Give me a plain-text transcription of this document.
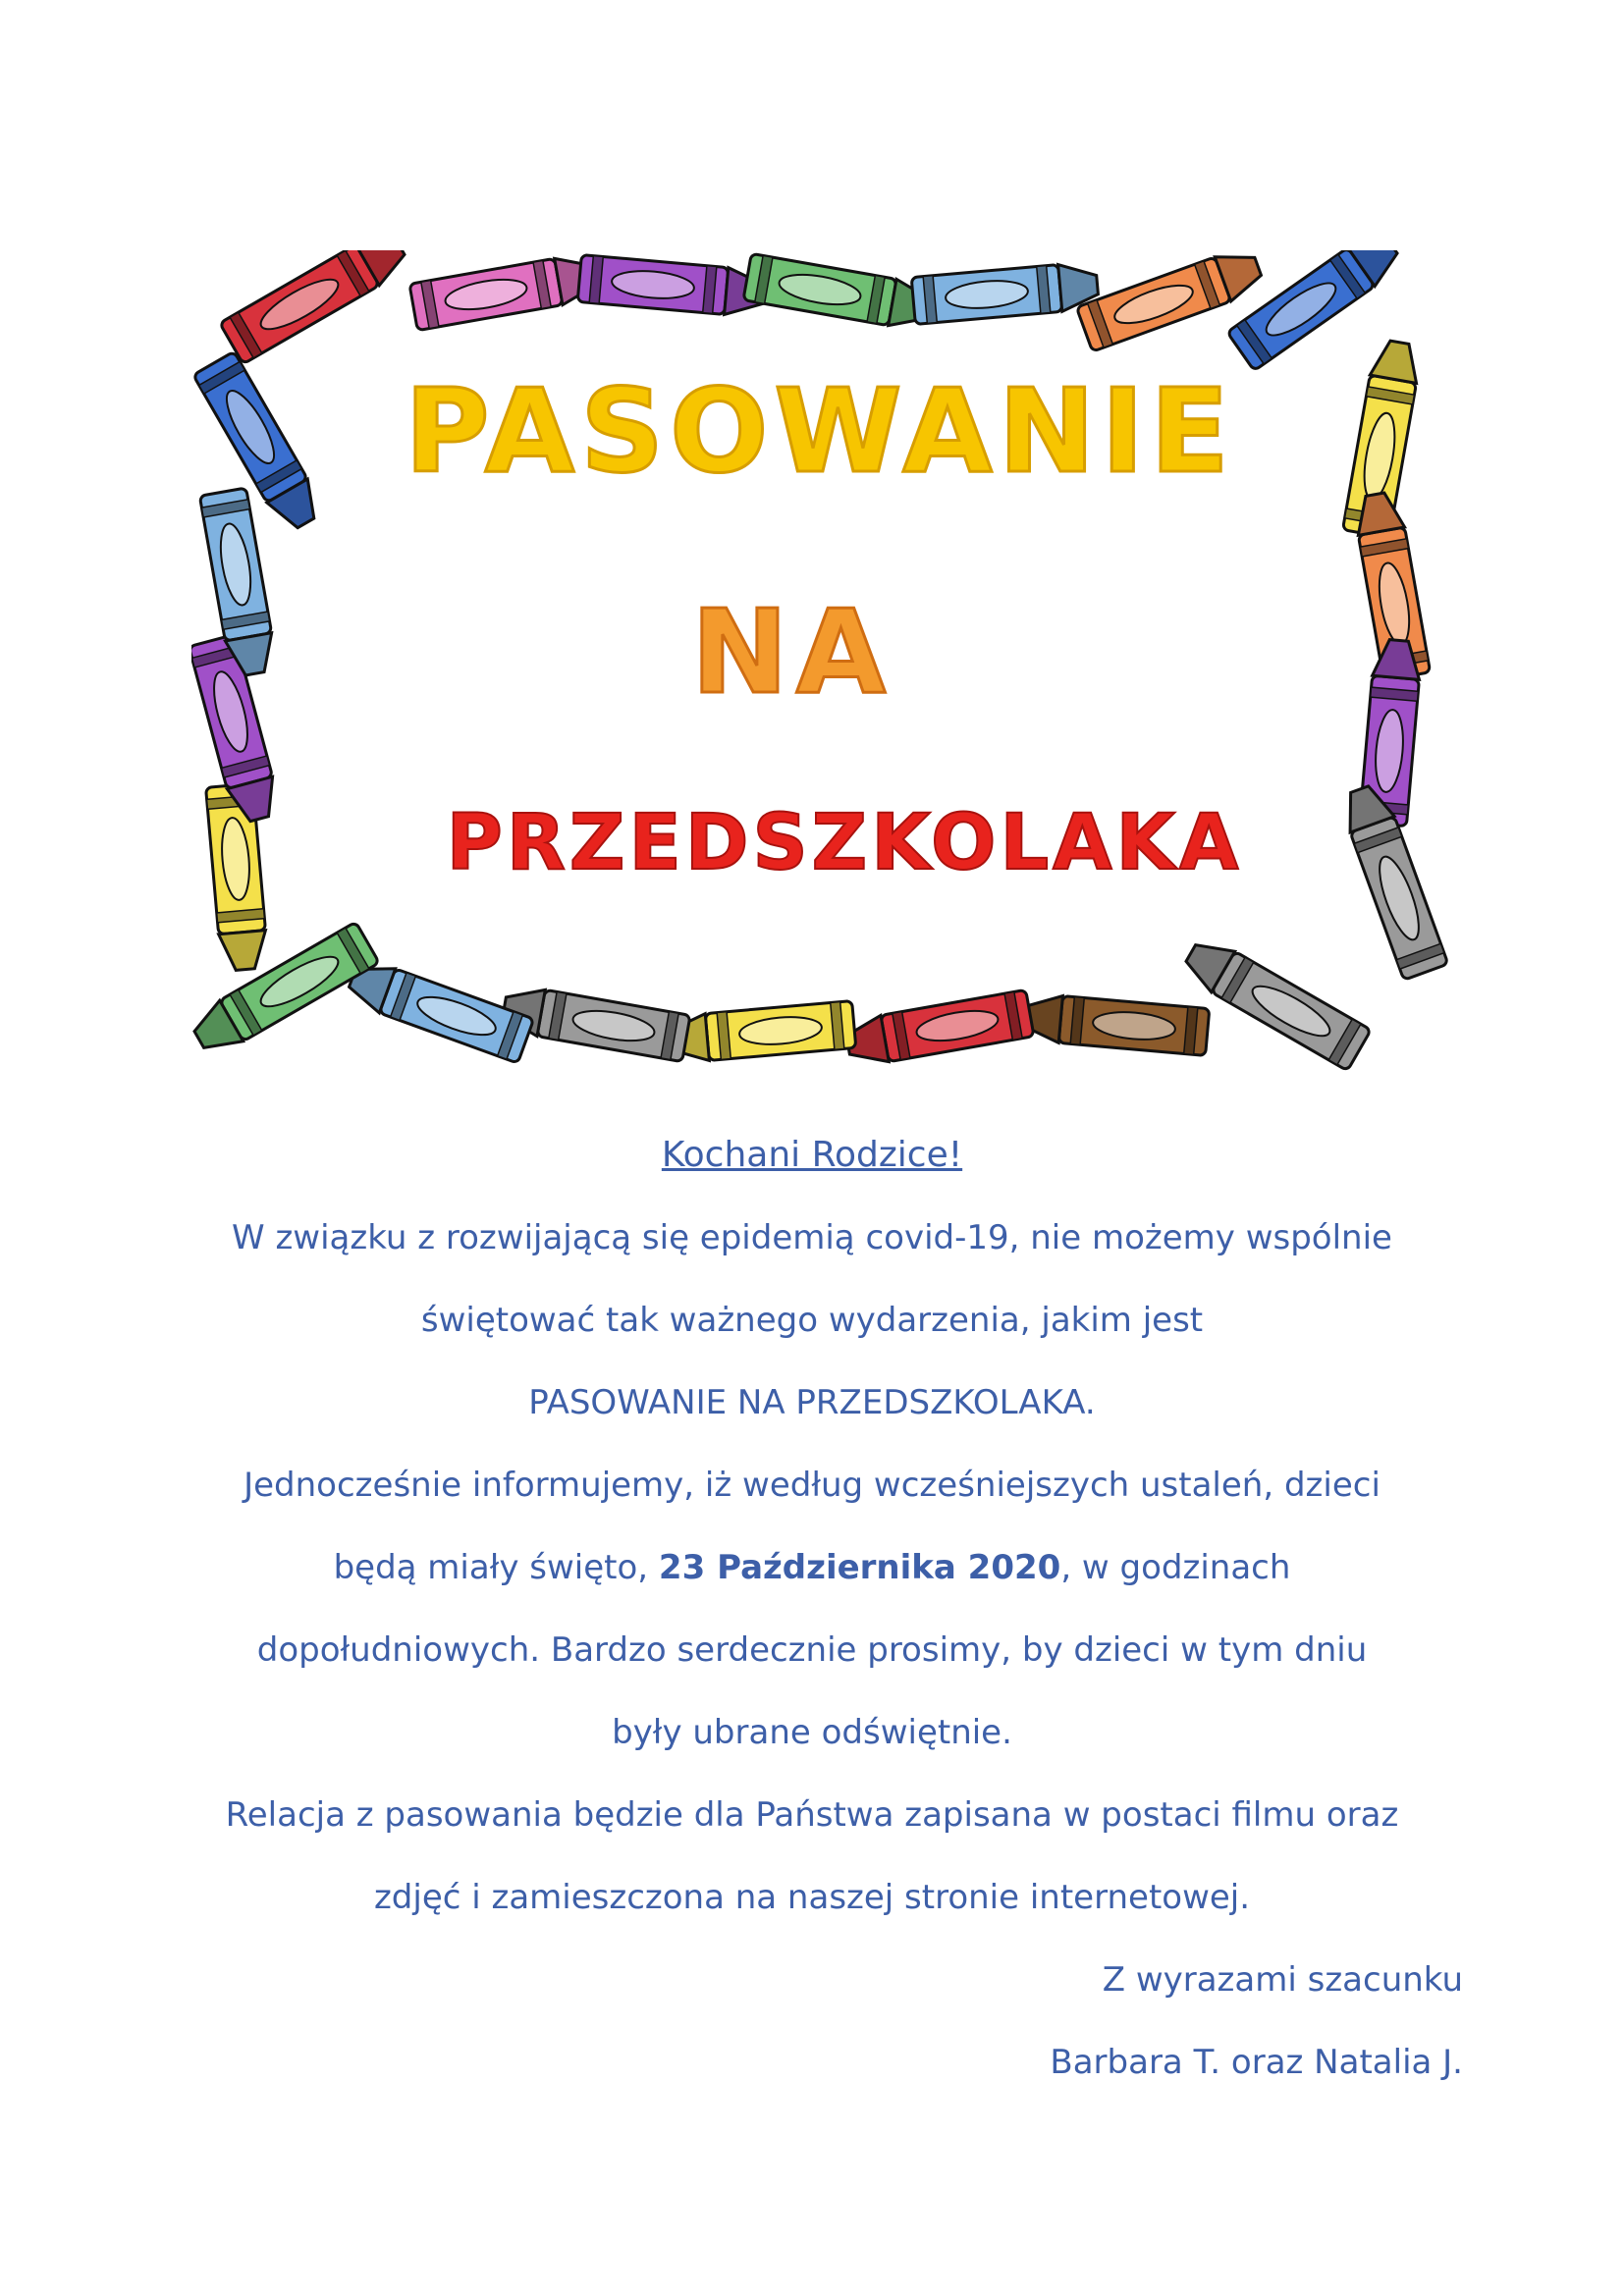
PASOWANIE
NA
PRZEDSZKOLAKA

Kochani Rodzice!

W związku z rozwijającą się epidemią covid-19, nie możemy wspólnie

świętować tak ważnego wydarzenia, jakim jest

PASOWANIE NA PRZEDSZKOLAKA.

Jednocześnie informujemy, iż według wcześniejszych ustaleń, dzieci

będą miały święto, 23 Października 2020, w godzinach

dopołudniowych. Bardzo serdecznie prosimy, by dzieci w tym dniu

były ubrane odświętnie.

Relacja z pasowania będzie dla Państwa zapisana w postaci filmu oraz

zdjęć i zamieszczona na naszej stronie internetowej.

Z wyrazami szacunku

Barbara T. oraz Natalia J.
